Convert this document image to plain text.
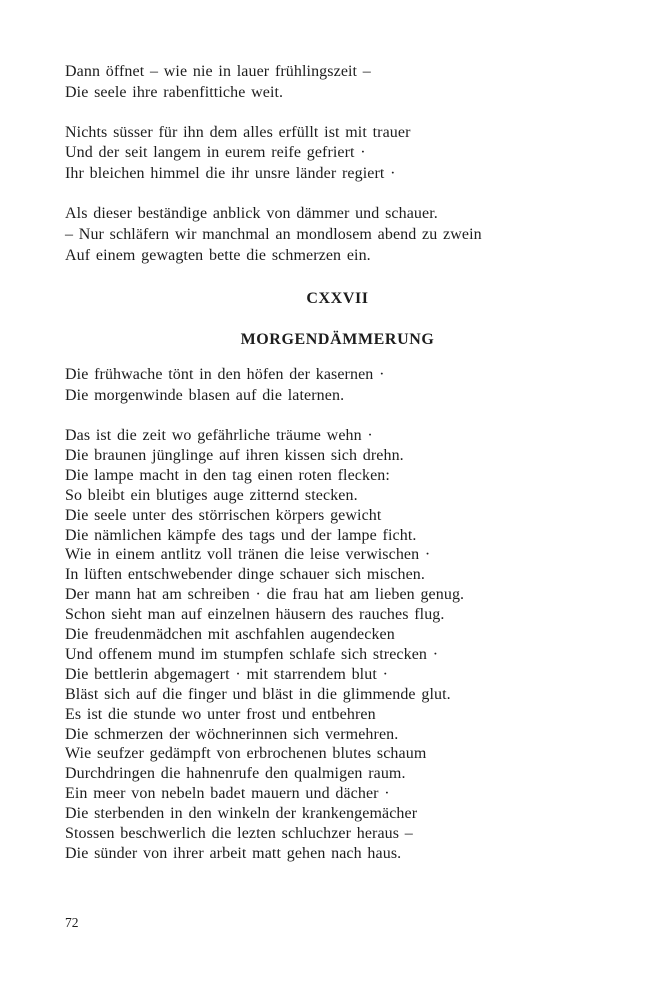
Dann öffnet – wie nie in lauer frühlingszeit –

Die seele ihre rabenfittiche weit.

Nichts süsser für ihn dem alles erfüllt ist mit trauer

Und der seit langem in eurem reife gefriert ·

Ihr bleichen himmel die ihr unsre länder regiert ·

Als dieser beständige anblick von dämmer und schauer.

– Nur schläfern wir manchmal an mondlosem abend zu zwein

Auf einem gewagten bette die schmerzen ein.

CXXVII
MORGENDÄMMERUNG

Die frühwache tönt in den höfen der kasernen ·

Die morgenwinde blasen auf die laternen.

Das ist die zeit wo gefährliche träume wehn ·

Die braunen jünglinge auf ihren kissen sich drehn.

Die lampe macht in den tag einen roten flecken:

So bleibt ein blutiges auge zitternd stecken.

Die seele unter des störrischen körpers gewicht

Die nämlichen kämpfe des tags und der lampe ficht.

Wie in einem antlitz voll tränen die leise verwischen ·

In lüften entschwebender dinge schauer sich mischen.

Der mann hat am schreiben · die frau hat am lieben genug.

Schon sieht man auf einzelnen häusern des rauches flug.

Die freudenmädchen mit aschfahlen augendecken

Und offenem mund im stumpfen schlafe sich strecken ·

Die bettlerin abgemagert · mit starrendem blut ·

Bläst sich auf die finger und bläst in die glimmende glut.

Es ist die stunde wo unter frost und entbehren

Die schmerzen der wöchnerinnen sich vermehren.

Wie seufzer gedämpft von erbrochenen blutes schaum

Durchdringen die hahnenrufe den qualmigen raum.

Ein meer von nebeln badet mauern und dächer ·

Die sterbenden in den winkeln der krankengemächer

Stossen beschwerlich die lezten schluchzer heraus –

Die sünder von ihrer arbeit matt gehen nach haus.

72
